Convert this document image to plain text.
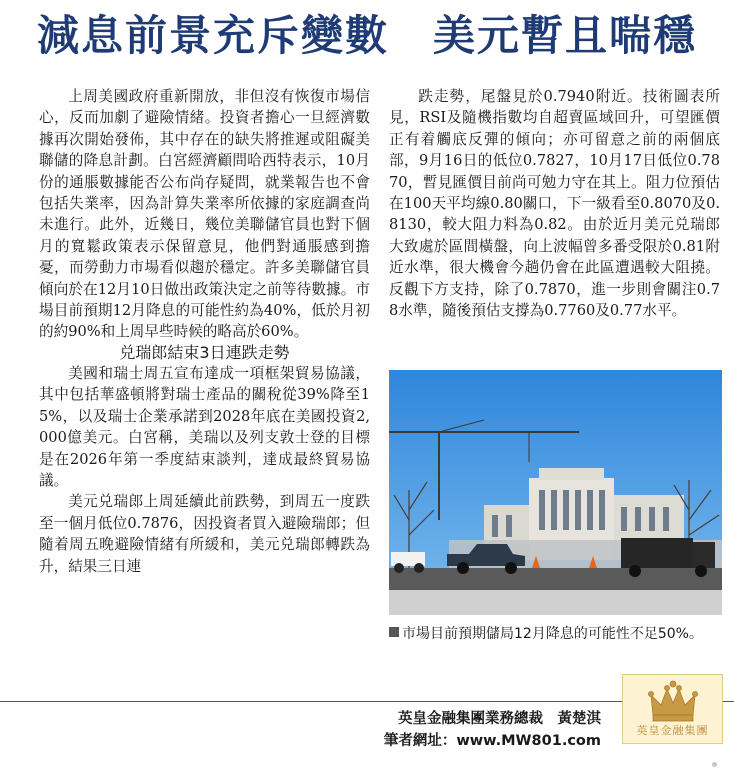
減息前景充斥變數　美元暫且喘穩

上周美國政府重新開放，非但沒有恢復市場信心，反而加劇了避險情緒。投資者擔心一旦經濟數據再次開始發佈，其中存在的缺失將推遲或阻礙美聯儲的降息計劃。白宮經濟顧問哈西特表示，10月份的通脹數據能否公布尚存疑問，就業報告也不會包括失業率，因為計算失業率所依據的家庭調查尚未進行。此外，近幾日，幾位美聯儲官員也對下個月的寬鬆政策表示保留意見，他們對通脹感到擔憂，而勞動力市場看似趨於穩定。許多美聯儲官員傾向於在12月10日做出政策決定之前等待數據。市場目前預期12月降息的可能性約為40%，低於月初的約90%和上周早些時候的略高於60%。

兑瑞郎結束3日連跌走勢

美國和瑞士周五宣布達成一項框架貿易協議，其中包括華盛頓將對瑞士產品的關稅從39%降至15%，以及瑞士企業承諾到2028年底在美國投資2,000億美元。白宮稱，美瑞以及列支敦士登的目標是在2026年第一季度結束談判，達成最終貿易協議。

美元兑瑞郎上周延續此前跌勢，到周五一度跌至一個月低位0.7876，因投資者買入避險瑞郎；但隨着周五晚避險情緒有所緩和，美元兑瑞郎轉跌為升，結果三日連

跌走勢，尾盤見於0.7940附近。技術圖表所見，RSI及隨機指數均自超賣區域回升，可望匯價正有着觸底反彈的傾向；亦可留意之前的兩個底部，9月16日的低位0.7827，10月17日低位0.7870，暫見匯價目前尚可勉力守在其上。阻力位預估在100天平均線0.80關口，下一級看至0.8070及0.8130，較大阻力料為0.82。由於近月美元兑瑞郎大致處於區間橫盤，向上波幅曾多番受限於0.81附近水準，很大機會今趟仍會在此區遭遇較大阻撓。反觀下方支持，除了0.7870，進一步則會關注0.78水準，隨後預估支撐為0.7760及0.77水平。

市場目前預期儲局12月降息的可能性不足50%。
英皇金融集團業務總裁　黃楚淇
筆者網址：www.MW801.com
英皇金融集團
